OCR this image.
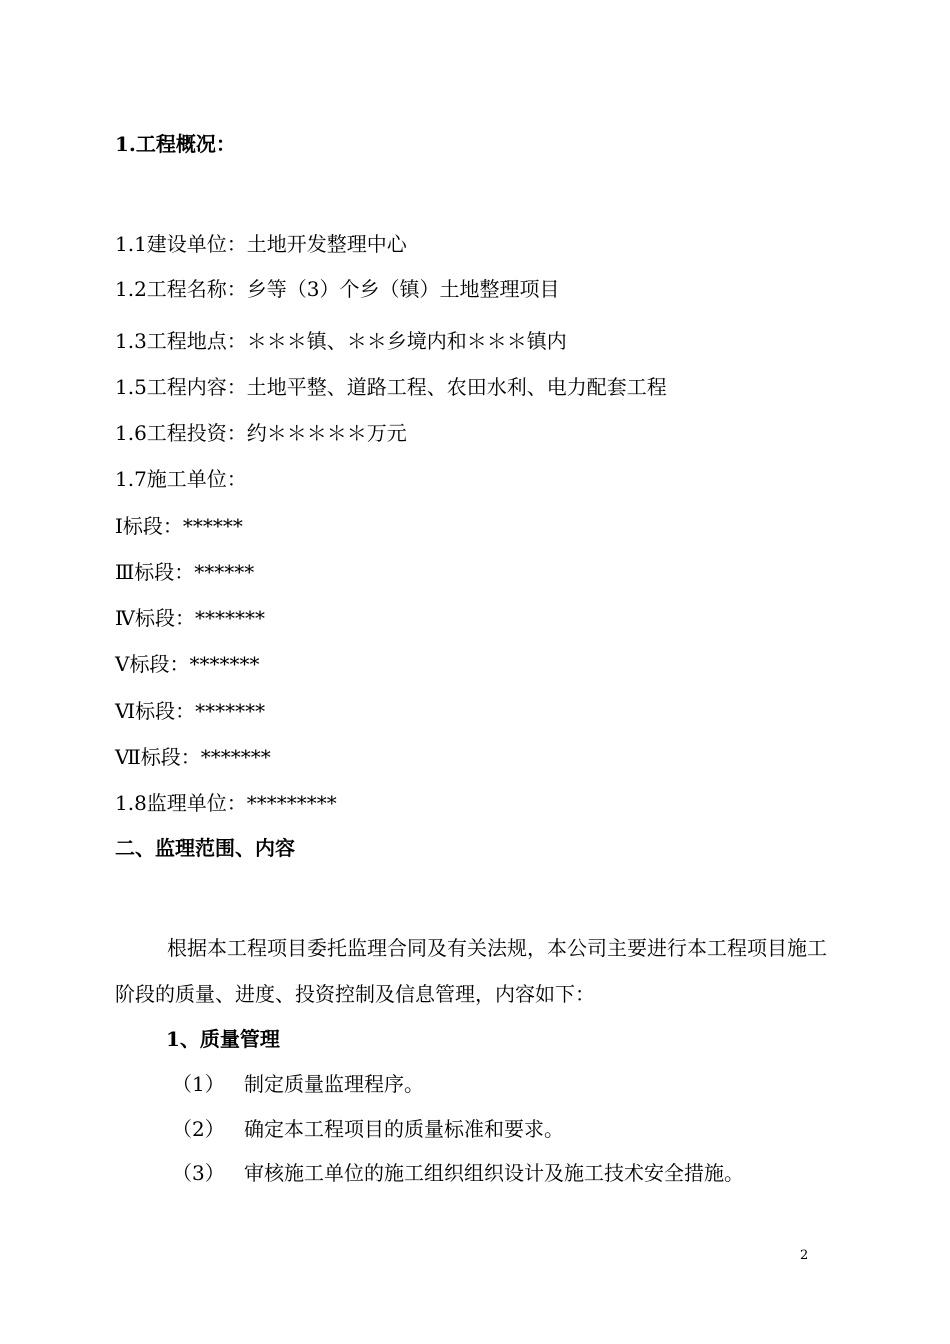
1.工程概况：
1.1建设单位：土地开发整理中心
1.2工程名称：乡等（3）个乡（镇）土地整理项目
1.3工程地点：＊＊＊镇、＊＊乡境内和＊＊＊镇内
1.5工程内容：土地平整、道路工程、农田水利、电力配套工程
1.6工程投资：约＊＊＊＊＊万元
1.7施工单位：
Ⅰ标段：******
Ⅲ标段：******
Ⅳ标段：*******
Ⅴ标段：*******
Ⅵ标段：*******
Ⅶ标段：*******
1.8监理单位：*********
二、监理范围、内容
根据本工程项目委托监理合同及有关法规，本公司主要进行本工程项目施工阶段的质量、进度、投资控制及信息管理，内容如下：
1、质量管理
（1） 制定质量监理程序。
（2） 确定本工程项目的质量标准和要求。
（3） 审核施工单位的施工组织组织设计及施工技术安全措施。
2
